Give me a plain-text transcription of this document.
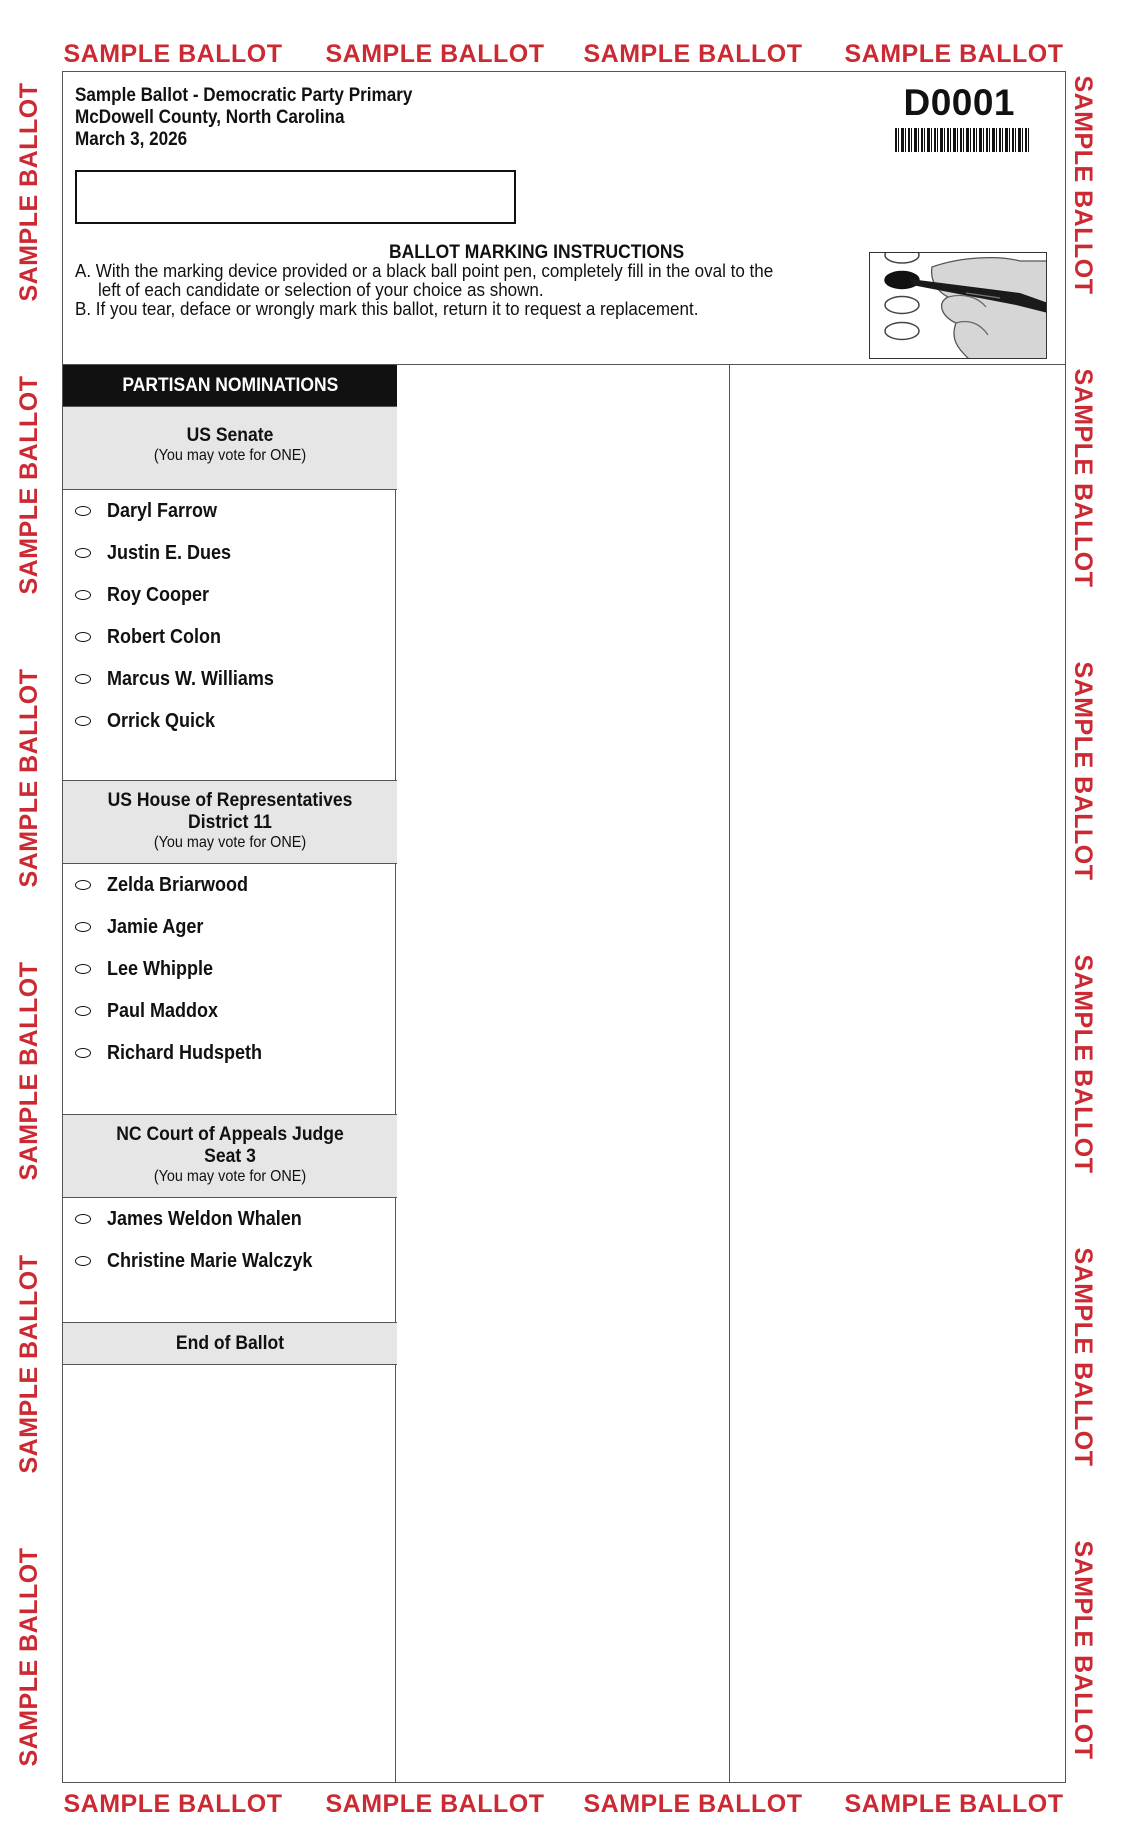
SAMPLE BALLOT SAMPLE BALLOT SAMPLE BALLOT SAMPLE BALLOT
SAMPLE BALLOT SAMPLE BALLOT SAMPLE BALLOT SAMPLE BALLOT
SAMPLE BALLOT
SAMPLE BALLOT
SAMPLE BALLOT
SAMPLE BALLOT
SAMPLE BALLOT
SAMPLE BALLOT
SAMPLE BALLOT
SAMPLE BALLOT
SAMPLE BALLOT
SAMPLE BALLOT
SAMPLE BALLOT
SAMPLE BALLOT
Sample Ballot - Democratic Party Primary
McDowell County, North Carolina
March 3, 2026
D0001
BALLOT MARKING INSTRUCTIONS
A. With the marking device provided or a black ball point pen, completely fill in the oval to the
left of each candidate or selection of your choice as shown.
B. If you tear, deface or wrongly mark this ballot, return it to request a replacement.
PARTISAN NOMINATIONS
US Senate
(You may vote for ONE)
Daryl Farrow
Justin E. Dues
Roy Cooper
Robert Colon
Marcus W. Williams
Orrick Quick
US House of Representatives
District 11
(You may vote for ONE)
Zelda Briarwood
Jamie Ager
Lee Whipple
Paul Maddox
Richard Hudspeth
NC Court of Appeals Judge
Seat 3
(You may vote for ONE)
James Weldon Whalen
Christine Marie Walczyk
End of Ballot
